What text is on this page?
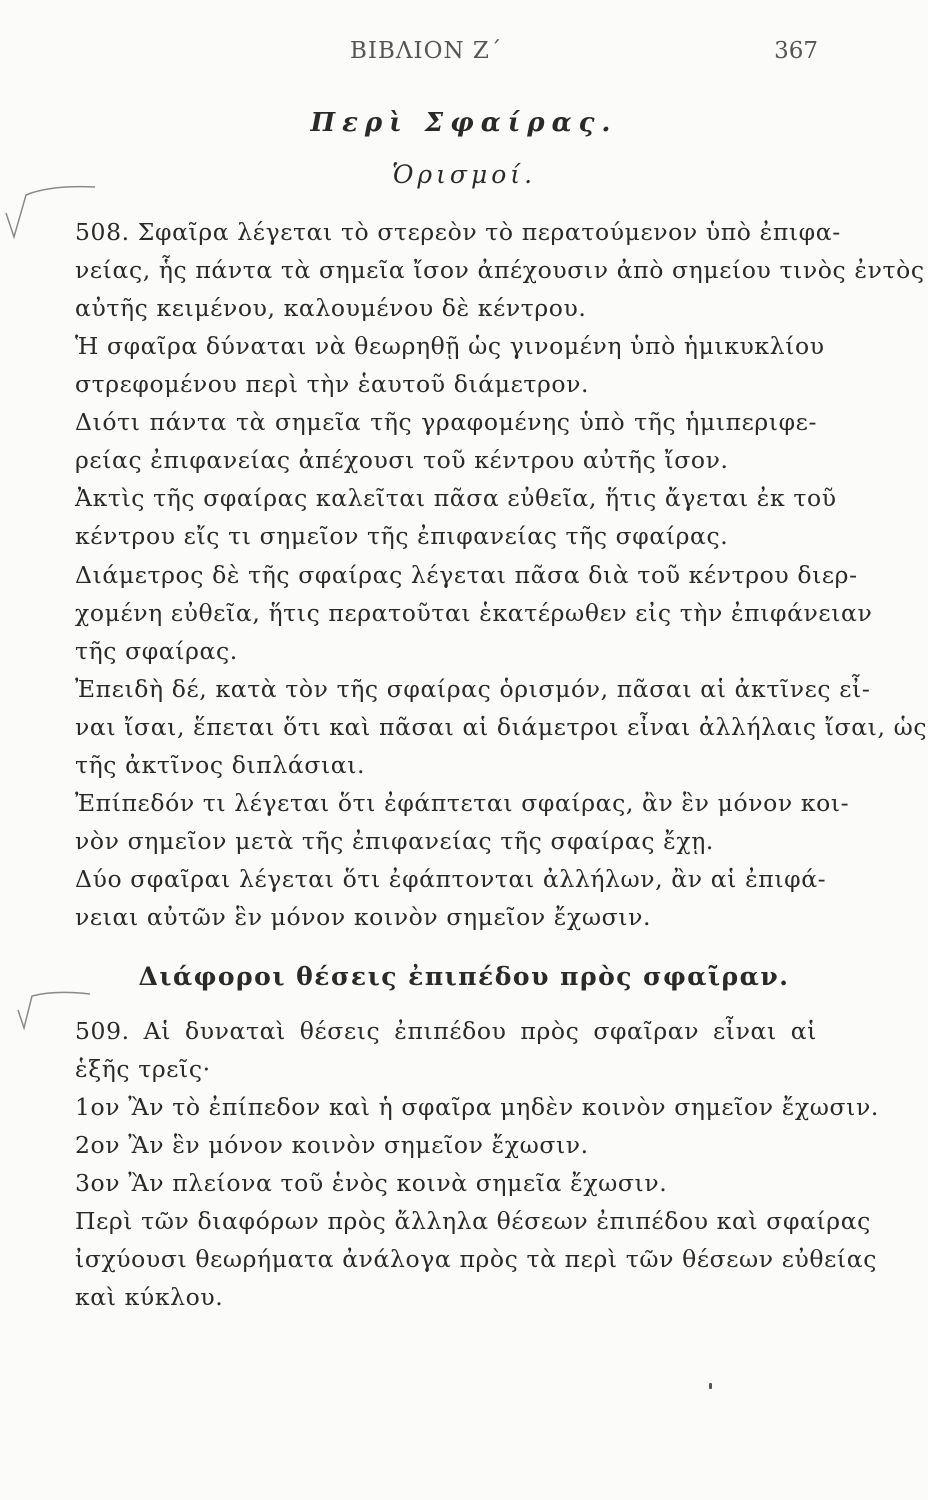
ΒΙΒΛΙΟΝ Ζ΄	367
Περὶ Σφαίρας.
Ὁρισμοί.
508. Σφαῖρα λέγεται τὸ στερεὸν τὸ περατούμενον ὑπὸ ἐπιφα-
νείας, ἧς πάντα τὰ σημεῖα ἴσον ἀπέχουσιν ἀπὸ σημείου τινὸς ἐντὸς
αὐτῆς κειμένου, καλουμένου δὲ κέντρου.
Ἡ σφαῖρα δύναται νὰ θεωρηθῇ ὡς γινομένη ὑπὸ ἡμικυκλίου
στρεφομένου περὶ τὴν ἑαυτοῦ διάμετρον.
Διότι πάντα τὰ σημεῖα τῆς γραφομένης ὑπὸ τῆς ἡμιπεριφε-
ρείας ἐπιφανείας ἀπέχουσι τοῦ κέντρου αὐτῆς ἴσον.
Ἀκτὶς τῆς σφαίρας καλεῖται πᾶσα εὐθεῖα, ἥτις ἄγεται ἐκ τοῦ
κέντρου εἴς τι σημεῖον τῆς ἐπιφανείας τῆς σφαίρας.
Διάμετρος δὲ τῆς σφαίρας λέγεται πᾶσα διὰ τοῦ κέντρου διερ-
χομένη εὐθεῖα, ἥτις περατοῦται ἑκατέρωθεν εἰς τὴν ἐπιφάνειαν
τῆς σφαίρας.
Ἐπειδὴ δέ, κατὰ τὸν τῆς σφαίρας ὁρισμόν, πᾶσαι αἱ ἀκτῖνες εἶ-
ναι ἴσαι, ἕπεται ὅτι καὶ πᾶσαι αἱ διάμετροι εἶναι ἀλλήλαις ἴσαι, ὡς
τῆς ἀκτῖνος διπλάσιαι.
Ἐπίπεδόν τι λέγεται ὅτι ἐφάπτεται σφαίρας, ἂν ἓν μόνον κοι-
νὸν σημεῖον μετὰ τῆς ἐπιφανείας τῆς σφαίρας ἔχῃ.
Δύο σφαῖραι λέγεται ὅτι ἐφάπτονται ἀλλήλων, ἂν αἱ ἐπιφά-
νειαι αὐτῶν ἓν μόνον κοινὸν σημεῖον ἔχωσιν.
Διάφοροι θέσεις ἐπιπέδου πρὸς σφαῖραν.
509. Αἱ δυναταὶ θέσεις ἐπιπέδου πρὸς σφαῖραν εἶναι αἱ
ἑξῆς τρεῖς·
1ον Ἂν τὸ ἐπίπεδον καὶ ἡ σφαῖρα μηδὲν κοινὸν σημεῖον ἔχωσιν.
2ον Ἂν ἓν μόνον κοινὸν σημεῖον ἔχωσιν.
3ον Ἂν πλείονα τοῦ ἑνὸς κοινὰ σημεῖα ἔχωσιν.
Περὶ τῶν διαφόρων πρὸς ἄλληλα θέσεων ἐπιπέδου καὶ σφαίρας
ἰσχύουσι θεωρήματα ἀνάλογα πρὸς τὰ περὶ τῶν θέσεων εὐθείας
καὶ κύκλου.
